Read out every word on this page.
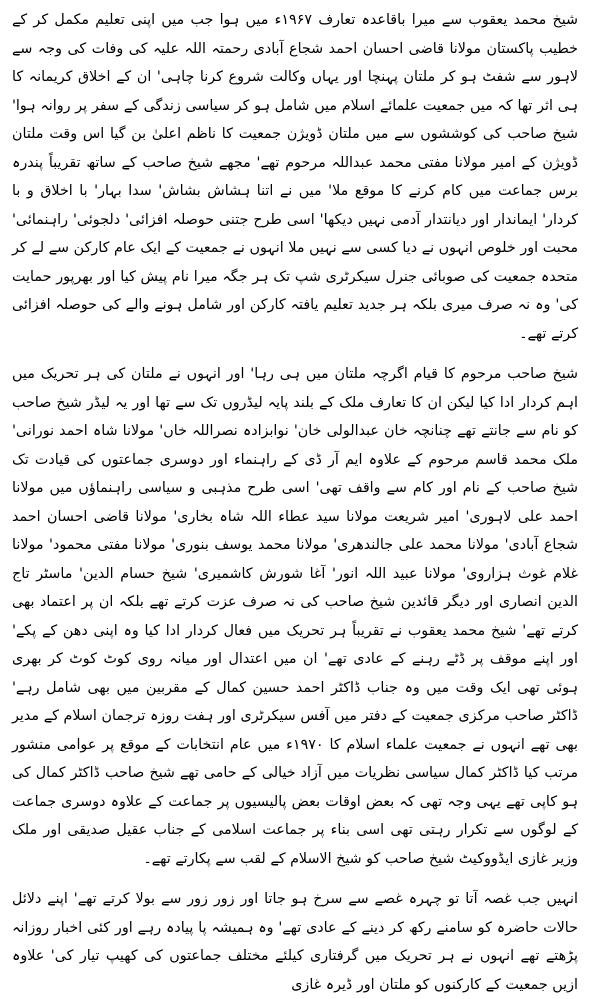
شیخ محمد یعقوب سے میرا باقاعدہ تعارف ۱۹۶۷ء میں ہوا جب میں اپنی تعلیم مکمل کر کے خطیب پاکستان مولانا قاضی احسان احمد شجاع آبادی رحمتہ اللہ علیہ کی وفات کی وجہ سے لاہور سے شفٹ ہو کر ملتان پہنچا اور یہاں وکالت شروع کرنا چاہی' ان کے اخلاق کریمانہ کا ہی اثر تھا کہ میں جمعیت علمائے اسلام میں شامل ہو کر سیاسی زندگی کے سفر پر روانہ ہوا' شیخ صاحب کی کوششوں سے میں ملتان ڈویژن جمعیت کا ناظم اعلیٰ بن گیا اس وقت ملتان ڈویژن کے امیر مولانا مفتی محمد عبداللہ مرحوم تھے' مجھے شیخ صاحب کے ساتھ تقریباً پندرہ برس جماعت میں کام کرنے کا موقع ملا' میں نے اتنا ہشاش بشاش' سدا بہار' با اخلاق و با کردار' ایماندار اور دیانتدار آدمی نہیں دیکھا' اسی طرح جتنی حوصلہ افزائی' دلجوئی' راہنمائی' محبت اور خلوص انہوں نے دیا کسی سے نہیں ملا انہوں نے جمعیت کے ایک عام کارکن سے لے کر متحدہ جمعیت کی صوبائی جنرل سیکرٹری شپ تک ہر جگہ میرا نام پیش کیا اور بھرپور حمایت کی' وہ نہ صرف میری بلکہ ہر جدید تعلیم یافتہ کارکن اور شامل ہونے والے کی حوصلہ افزائی کرتے تھے۔

شیخ صاحب مرحوم کا قیام اگرچہ ملتان میں ہی رہا' اور انہوں نے ملتان کی ہر تحریک میں اہم کردار ادا کیا لیکن ان کا تعارف ملک کے بلند پایہ لیڈروں تک سے تھا اور یہ لیڈر شیخ صاحب کو نام سے جانتے تھے چنانچہ خان عبدالولی خان' نوابزادہ نصراللہ خاں' مولانا شاہ احمد نورانی' ملک محمد قاسم مرحوم کے علاوہ ایم آر ڈی کے راہنماء اور دوسری جماعتوں کی قیادت تک شیخ صاحب کے نام اور کام سے واقف تھی' اسی طرح مذہبی و سیاسی راہنماؤں میں مولانا احمد علی لاہوری' امیر شریعت مولانا سید عطاء اللہ شاہ بخاری' مولانا قاضی احسان احمد شجاع آبادی' مولانا محمد علی جالندھری' مولانا محمد یوسف بنوری' مولانا مفتی محمود' مولانا غلام غوث ہزاروی' مولانا عبید اللہ انور' آغا شورش کاشمیری' شیخ حسام الدین' ماسٹر تاج الدین انصاری اور دیگر قائدین شیخ صاحب کی نہ صرف عزت کرتے تھے بلکہ ان پر اعتماد بھی کرتے تھے' شیخ محمد یعقوب نے تقریباً ہر تحریک میں فعال کردار ادا کیا وہ اپنی دھن کے پکے' اور اپنے موقف پر ڈٹے رہنے کے عادی تھے' ان میں اعتدال اور میانہ روی کوٹ کوٹ کر بھری ہوئی تھی ایک وقت میں وہ جناب ڈاکٹر احمد حسین کمال کے مقربین میں بھی شامل رہے' ڈاکٹر صاحب مرکزی جمعیت کے دفتر میں آفس سیکرٹری اور ہفت روزہ ترجمان اسلام کے مدیر بھی تھے انہوں نے جمعیت علماء اسلام کا ۱۹۷۰ء میں عام انتخابات کے موقع پر عوامی منشور مرتب کیا ڈاکٹر کمال سیاسی نظریات میں آزاد خیالی کے حامی تھے شیخ صاحب ڈاکٹر کمال کی ہو کاپی تھے یہی وجہ تھی کہ بعض اوقات بعض پالیسیوں پر جماعت کے علاوہ دوسری جماعت کے لوگوں سے تکرار رہتی تھی اسی بناء پر جماعت اسلامی کے جناب عقیل صدیقی اور ملک وزیر غازی ایڈووکیٹ شیخ صاحب کو شیخ الاسلام کے لقب سے پکارتے تھے۔

انہیں جب غصہ آتا تو چہرہ غصے سے سرخ ہو جاتا اور زور زور سے بولا کرتے تھے' اپنے دلائل حالات حاضرہ کو سامنے رکھ کر دینے کے عادی تھے' وہ ہمیشہ پا پیادہ رہے اور کئی اخبار روزانہ پڑھتے تھے انہوں نے ہر تحریک میں گرفتاری کیلئے مختلف جماعتوں کی کھیپ تیار کی' علاوہ ازیں جمعیت کے کارکنوں کو ملتان اور ڈیرہ غازی
